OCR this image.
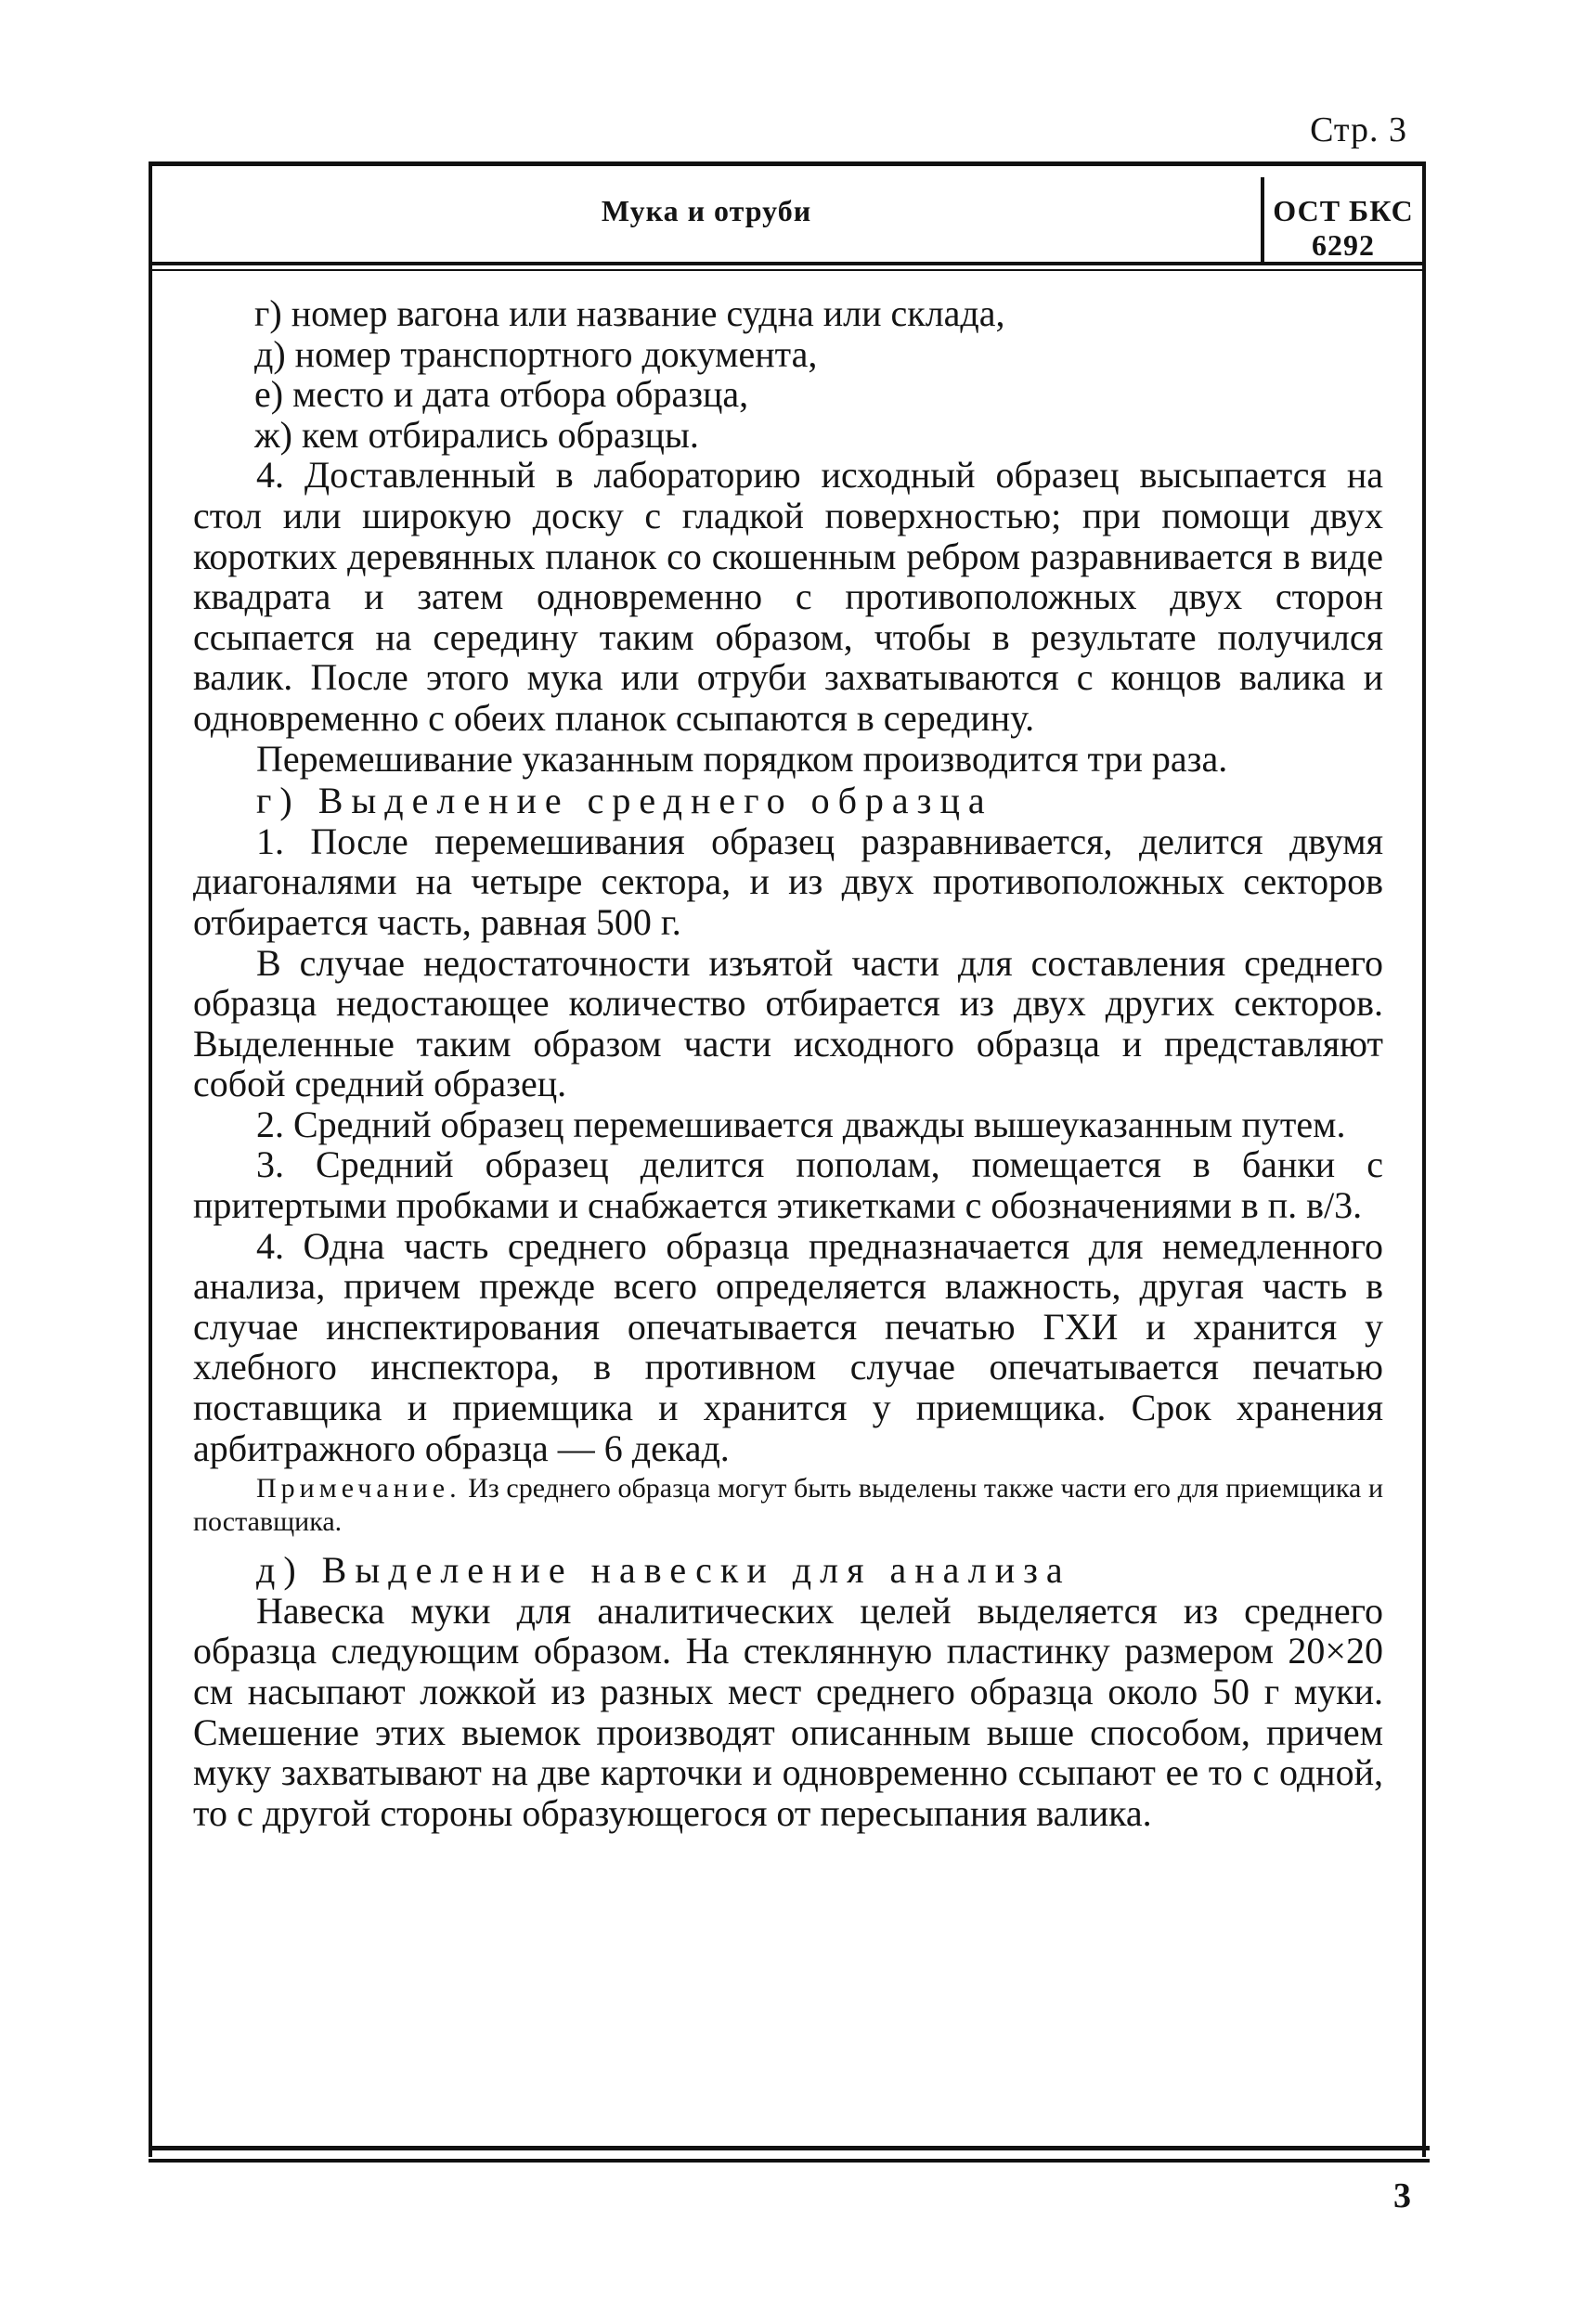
Стр. 3
Мука и отруби	ОСТ БКС 6292

г) номер вагона или название судна или склада,

д) номер транспортного документа,

е) место и дата отбора образца,

ж) кем отбирались образцы.

4. Доставленный в лабораторию исходный образец высыпается на стол или широкую доску с гладкой поверхностью; при помощи двух коротких деревянных планок со скошенным ребром разравнивается в виде квадрата и затем одновременно с противоположных двух сторон ссыпается на середину таким образом, чтобы в результате получился валик. После этого мука или отруби захватываются с концов валика и одновременно с обеих планок ссыпаются в середину.

Перемешивание указанным порядком производится три раза.

г) Выделение среднего образца

1. После перемешивания образец разравнивается, делится двумя диагоналями на четыре сектора, и из двух противоположных секторов отбирается часть, равная 500 г.

В случае недостаточности изъятой части для составления среднего образца недостающее количество отбирается из двух других секторов. Выделенные таким образом части исходного образца и представляют собой средний образец.

2. Средний образец перемешивается дважды вышеуказанным путем.

3. Средний образец делится пополам, помещается в банки с притертыми пробками и снабжается этикетками с обозначениями в п. в/3.

4. Одна часть среднего образца предназначается для немедленного анализа, причем прежде всего определяется влажность, другая часть в случае инспектирования опечатывается печатью ГХИ и хранится у хлебного инспектора, в противном случае опечатывается печатью поставщика и приемщика и хранится у приемщика. Срок хранения арбитражного образца — 6 декад.

Примечание. Из среднего образца могут быть выделены также части его для приемщика и поставщика.

д) Выделение навески для анализа

Навеска муки для аналитических целей выделяется из среднего образца следующим образом. На стеклянную пластинку размером 20×20 см насыпают ложкой из разных мест среднего образца около 50 г муки. Смешение этих выемок производят описанным выше способом, причем муку захватывают на две карточки и одновременно ссыпают ее то с одной, то с другой стороны образующегося от пересыпания валика.

3
